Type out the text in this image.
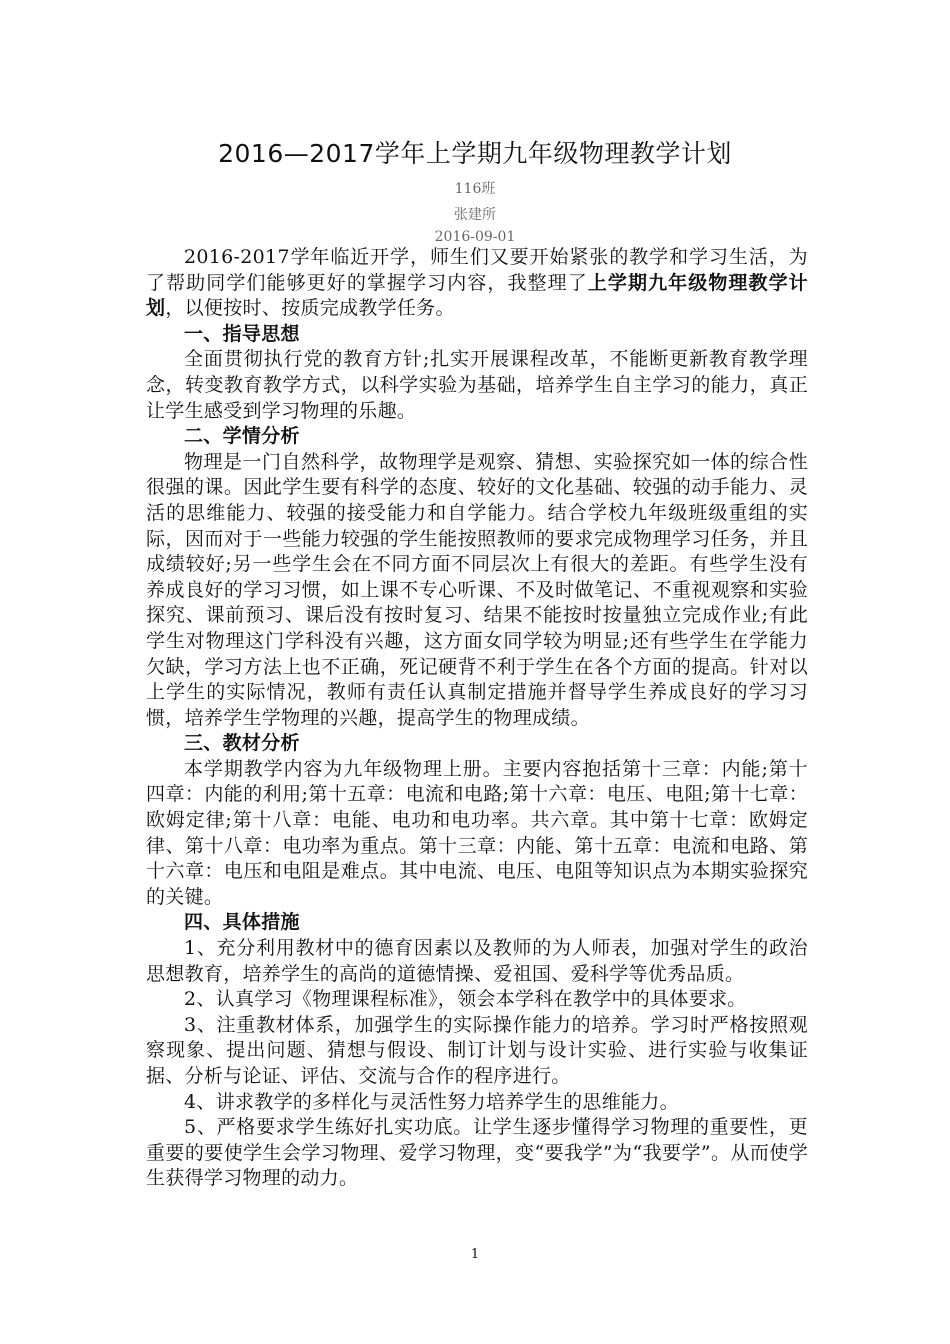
2016—2017学年上学期九年级物理教学计划
116班
张建所
2016-09-01

2016-2017学年临近开学，师生们又要开始紧张的教学和学习生活，为了帮助同学们能够更好的掌握学习内容，我整理了上学期九年级物理教学计划，以便按时、按质完成教学任务。

一、指导思想

全面贯彻执行党的教育方针;扎实开展课程改革，不能断更新教育教学理念，转变教育教学方式，以科学实验为基础，培养学生自主学习的能力，真正让学生感受到学习物理的乐趣。

二、学情分析

物理是一门自然科学，故物理学是观察、猜想、实验探究如一体的综合性很强的课。因此学生要有科学的态度、较好的文化基础、较强的动手能力、灵活的思维能力、较强的接受能力和自学能力。结合学校九年级班级重组的实际，因而对于一些能力较强的学生能按照教师的要求完成物理学习任务，并且成绩较好;另一些学生会在不同方面不同层次上有很大的差距。有些学生没有养成良好的学习习惯，如上课不专心听课、不及时做笔记、不重视观察和实验探究、课前预习、课后没有按时复习、结果不能按时按量独立完成作业;有此学生对物理这门学科没有兴趣，这方面女同学较为明显;还有些学生在学能力欠缺，学习方法上也不正确，死记硬背不利于学生在各个方面的提高。针对以上学生的实际情况，教师有责任认真制定措施并督导学生养成良好的学习习惯，培养学生学物理的兴趣，提高学生的物理成绩。

三、教材分析

本学期教学内容为九年级物理上册。主要内容抱括第十三章：内能;第十四章：内能的利用;第十五章：电流和电路;第十六章：电压、电阻;第十七章：欧姆定律;第十八章：电能、电功和电功率。共六章。其中第十七章：欧姆定律、第十八章：电功率为重点。第十三章：内能、第十五章：电流和电路、第十六章：电压和电阻是难点。其中电流、电压、电阻等知识点为本期实验探究的关键。

四、具体措施

1、充分利用教材中的德育因素以及教师的为人师表，加强对学生的政治思想教育，培养学生的高尚的道德情操、爱祖国、爱科学等优秀品质。

2、认真学习《物理课程标准》，领会本学科在教学中的具体要求。

3、注重教材体系，加强学生的实际操作能力的培养。学习时严格按照观察现象、提出问题、猜想与假设、制订计划与设计实验、进行实验与收集证据、分析与论证、评估、交流与合作的程序进行。

4、讲求教学的多样化与灵活性努力培养学生的思维能力。

5、严格要求学生练好扎实功底。让学生逐步懂得学习物理的重要性，更重要的要使学生会学习物理、爱学习物理，变“要我学”为“我要学”。从而使学生获得学习物理的动力。

1
